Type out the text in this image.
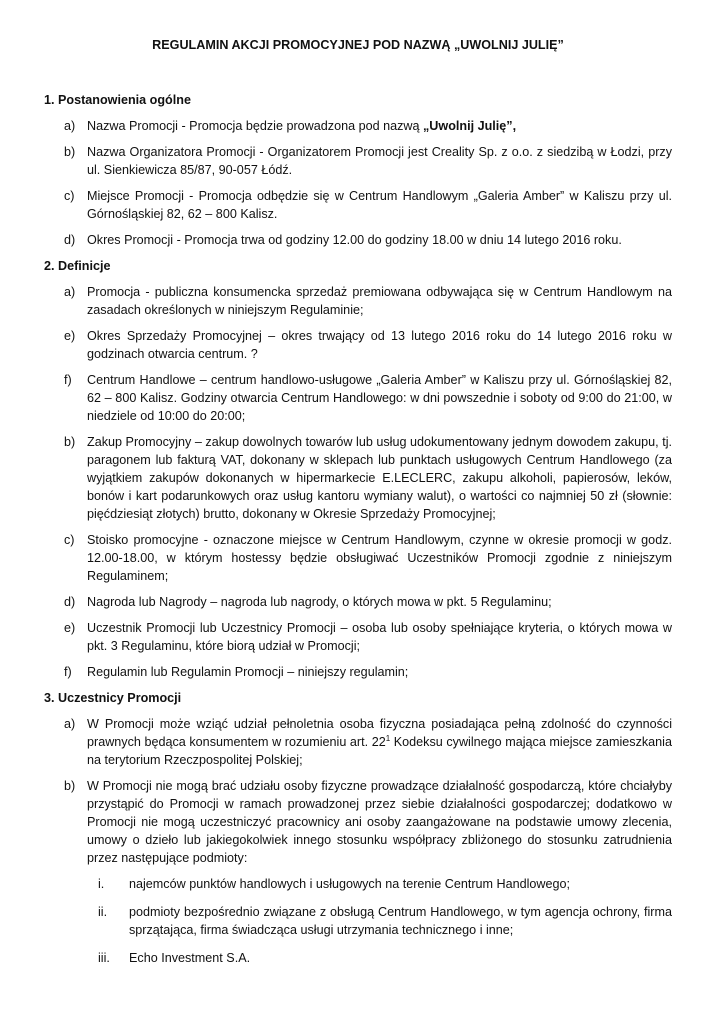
REGULAMIN AKCJI PROMOCYJNEJ POD NAZWĄ „UWOLNIJ JULIĘ”
1. Postanowienia ogólne
a) Nazwa Promocji - Promocja będzie prowadzona pod nazwą „Uwolnij Julię”,
b) Nazwa Organizatora Promocji - Organizatorem Promocji jest Creality Sp. z o.o. z siedzibą w Łodzi, przy ul. Sienkiewicza 85/87, 90-057 Łódź.
c) Miejsce Promocji - Promocja odbędzie się w Centrum Handlowym „Galeria Amber” w Kaliszu przy ul. Górnośląskiej 82, 62 – 800 Kalisz.
d) Okres Promocji - Promocja trwa od godziny 12.00 do godziny 18.00 w dniu 14 lutego 2016 roku.
2. Definicje
a) Promocja - publiczna konsumencka sprzedaż premiowana odbywająca się w Centrum Handlowym na zasadach określonych w niniejszym Regulaminie;
e) Okres Sprzedaży Promocyjnej – okres trwający od 13 lutego 2016 roku do 14 lutego 2016 roku w godzinach otwarcia centrum. ?
f)	Centrum Handlowe – centrum handlowo-usługowe „Galeria Amber” w Kaliszu przy ul. Górnośląskiej 82, 62 – 800 Kalisz. Godziny otwarcia Centrum Handlowego: w dni powszednie i soboty od 9:00 do 21:00, w niedziele od 10:00 do 20:00;
b) Zakup Promocyjny – zakup dowolnych towarów lub usług udokumentowany jednym dowodem zakupu, tj. paragonem lub fakturą VAT, dokonany w sklepach lub punktach usługowych Centrum Handlowego (za wyjątkiem zakupów dokonanych w hipermarkecie E.LECLERC, zakupu alkoholi, papierosów, leków, bonów i kart podarunkowych oraz usług kantoru wymiany walut), o wartości co najmniej 50 zł (słownie: pięćdziesiąt złotych) brutto, dokonany w Okresie Sprzedaży Promocyjnej;
c) Stoisko promocyjne - oznaczone miejsce w Centrum Handlowym, czynne w okresie promocji w godz. 12.00-18.00, w którym hostessy będzie obsługiwać Uczestników Promocji zgodnie z niniejszym Regulaminem;
d) Nagroda lub Nagrody – nagroda lub nagrody, o których mowa w pkt. 5 Regulaminu;
e) Uczestnik Promocji lub Uczestnicy Promocji – osoba lub osoby spełniające kryteria, o których mowa w pkt. 3 Regulaminu, które biorą udział w Promocji;
f)	Regulamin lub Regulamin Promocji – niniejszy regulamin;
3. Uczestnicy Promocji
a) W Promocji może wziąć udział pełnoletnia osoba fizyczna posiadająca pełną zdolność do czynności prawnych będąca konsumentem w rozumieniu art. $22^1$ Kodeksu cywilnego mająca miejsce zamieszkania na terytorium Rzeczpospolitej Polskiej;
b) W Promocji nie mogą brać udziału osoby fizyczne prowadzące działalność gospodarczą, które chciałyby przystąpić do Promocji w ramach prowadzonej przez siebie działalności gospodarczej; dodatkowo w Promocji nie mogą uczestniczyć pracownicy ani osoby zaangażowane na podstawie umowy zlecenia, umowy o dzieło lub jakiegokolwiek innego stosunku współpracy zbliżonego do stosunku zatrudnienia przez następujące podmioty:
i.	najemców punktów handlowych i usługowych na terenie Centrum Handlowego;
ii.	podmioty bezpośrednio związane z obsługą Centrum Handlowego, w tym agencja ochrony, firma sprzątająca, firma świadcząca usługi utrzymania technicznego i inne;
iii.	Echo Investment S.A.
